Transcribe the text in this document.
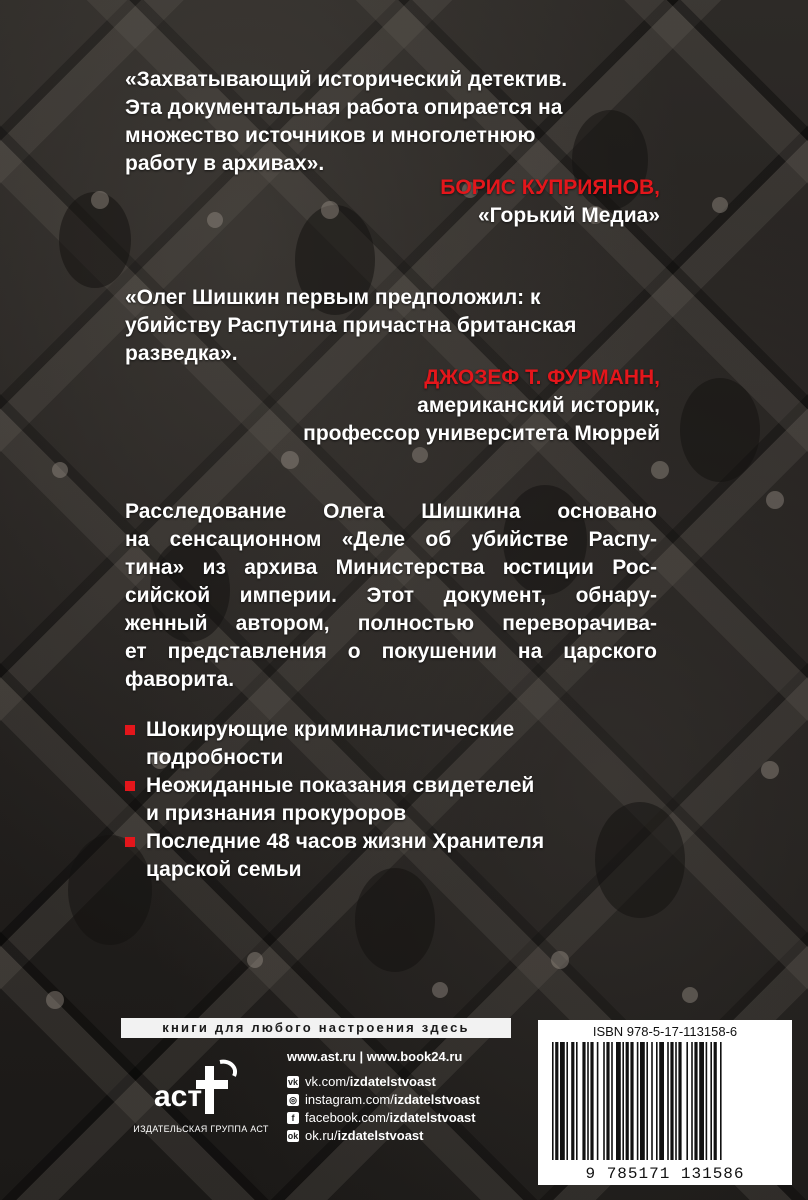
«Захватывающий исторический детектив.
Эта документальная работа опирается на
множество источников и многолетнюю
работу в архивах».
БОРИС КУПРИЯНОВ,
«Горький Медиа»
«Олег Шишкин первым предположил: к
убийству Распутина причастна британская
разведка».
ДЖОЗЕФ Т. ФУРМАНН,
американский историк,
профессор университета Мюррей
Расследование Олега Шишкина основано
на сенсационном «Деле об убийстве Распу-
тина» из архива Министерства юстиции Рос-
сийской империи. Этот документ, обнару-
женный автором, полностью переворачива-
ет представления о покушении на царского
фаворита.
Шокирующие криминалистические
подробности
Неожиданные показания свидетелей
и признания прокуроров
Последние 48 часов жизни Хранителя
царской семьи
книги для любого настроения здесь
аст
ИЗДАТЕЛЬСКАЯ ГРУППА АСТ
www.ast.ru | www.book24.ru
vk vk.com/ izdatelstvoast
◎ instagram.com/ izdatelstvoast
f facebook.com/ izdatelstvoast
ok ok.ru/ izdatelstvoast
ISBN 978-5-17-113158-6
9 785171 131586
